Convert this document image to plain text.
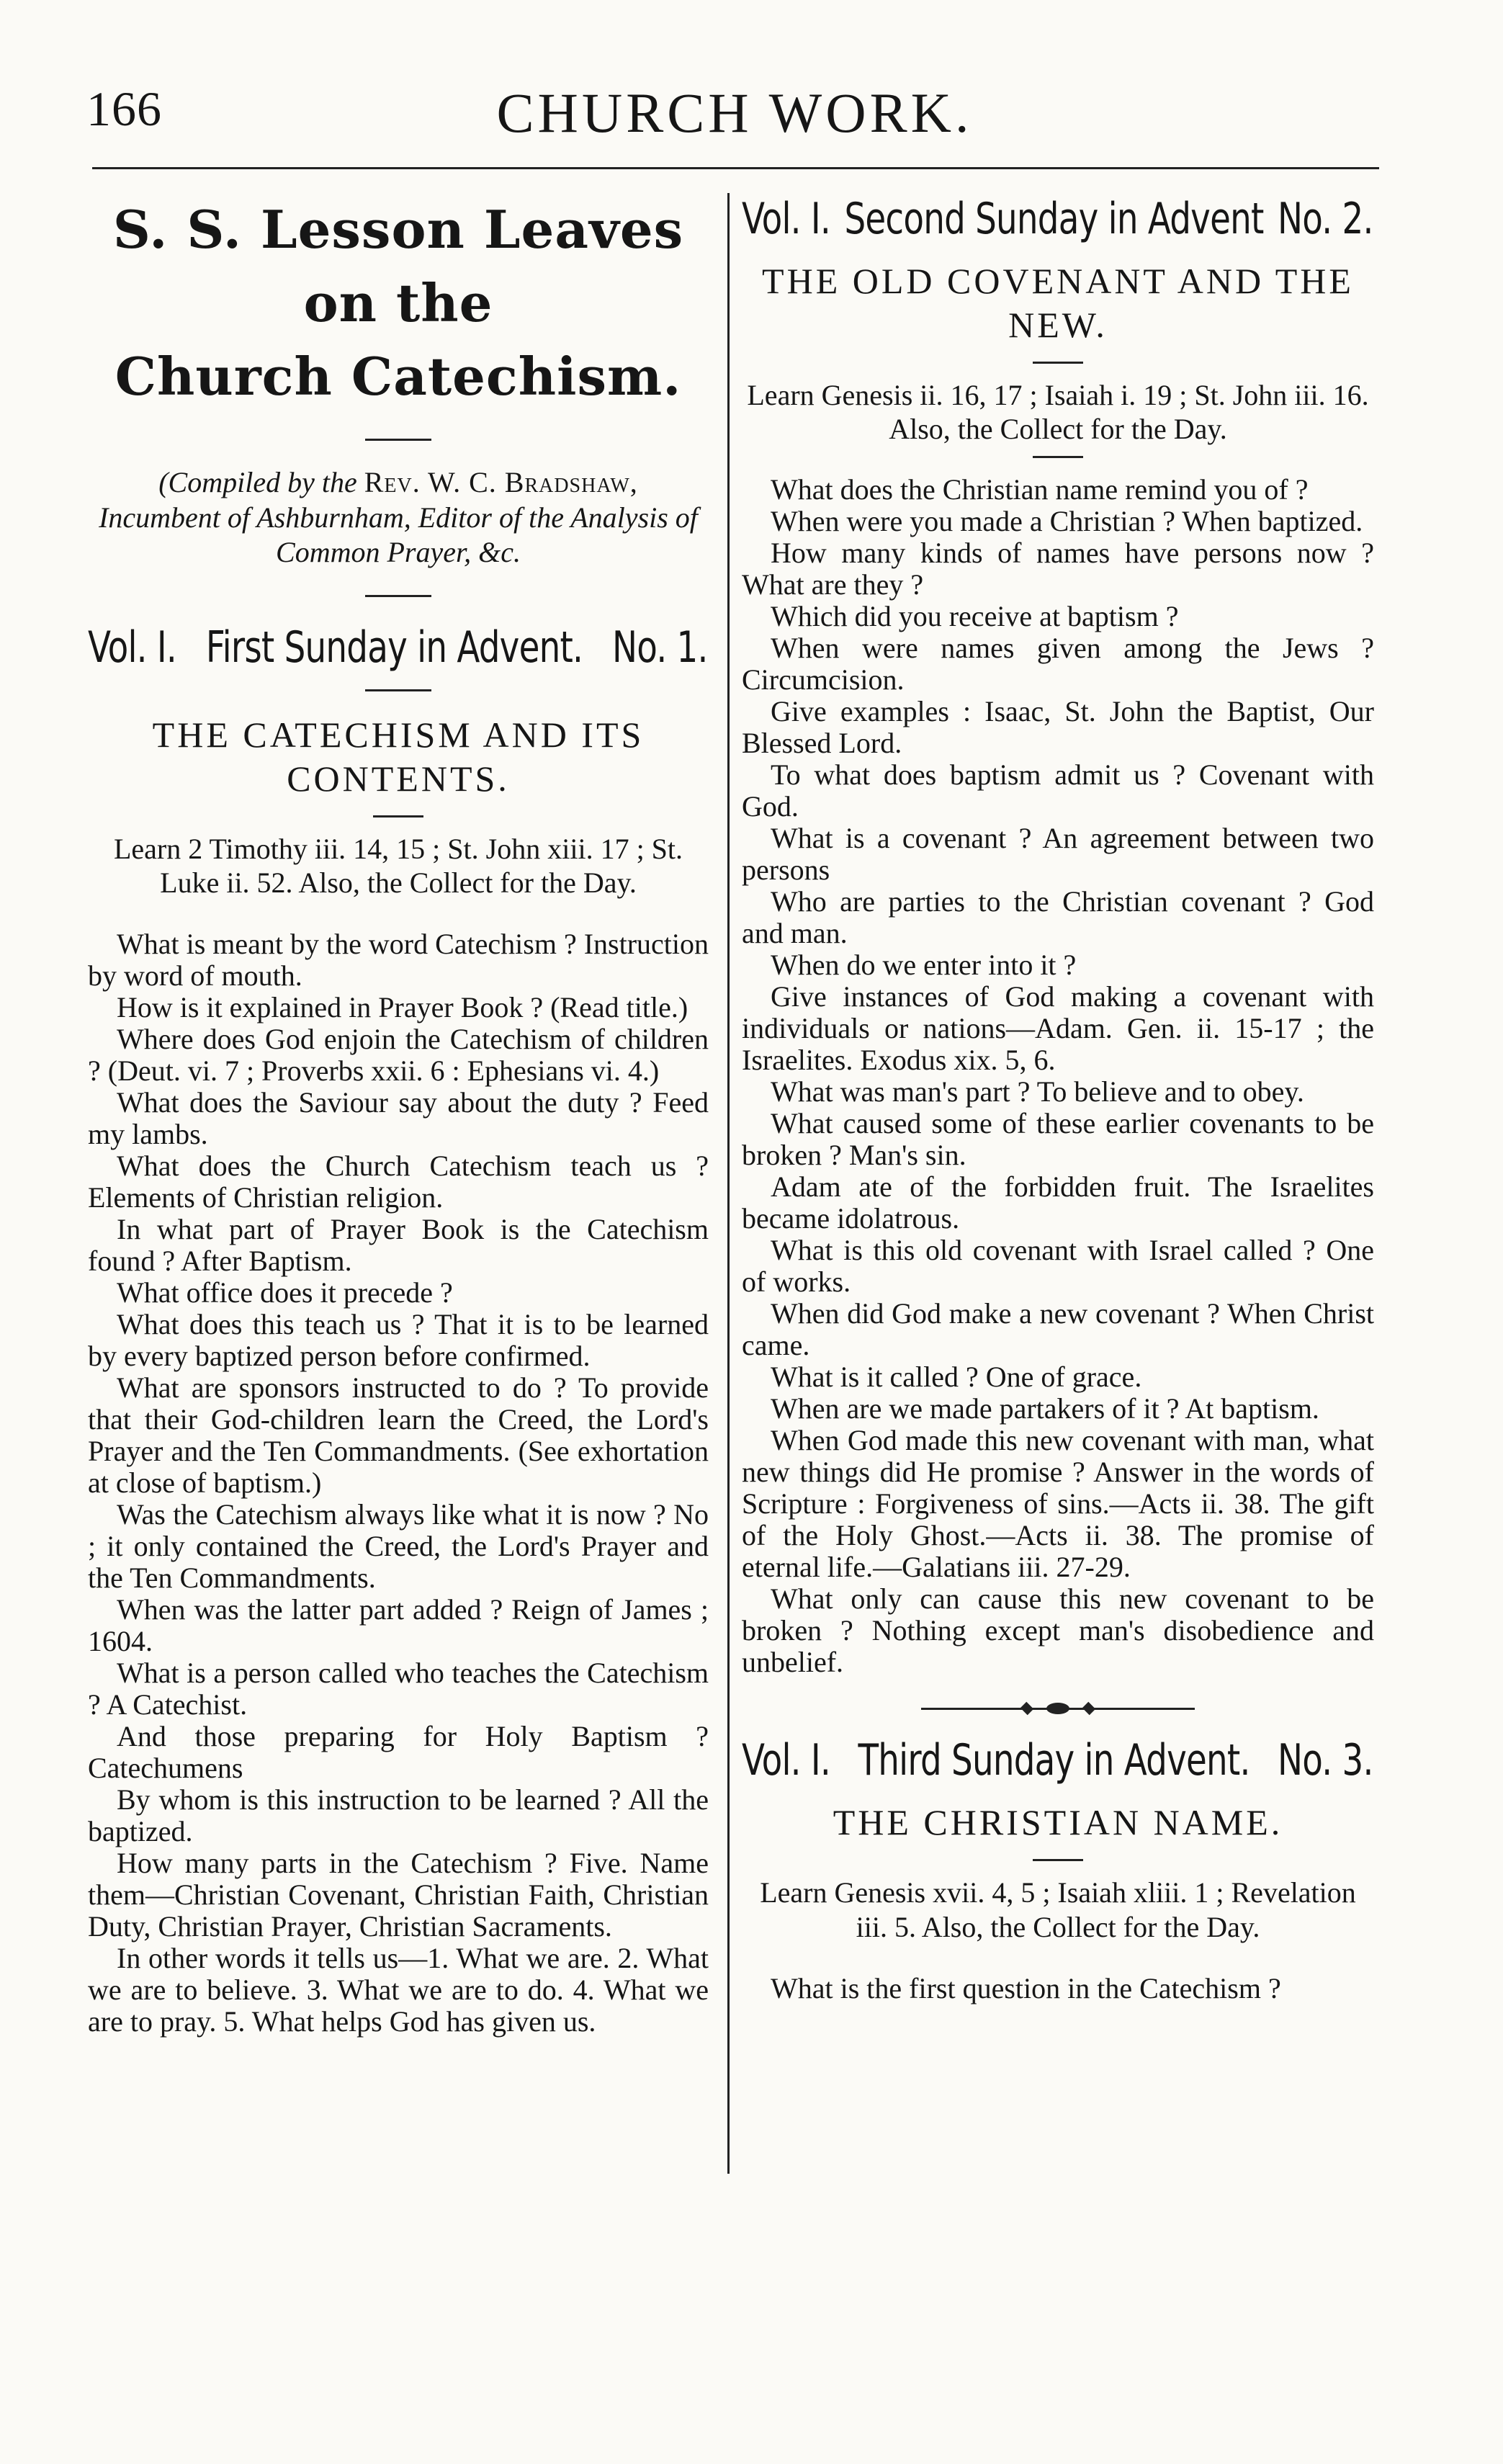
166	CHURCH WORK.
S. S. Lesson Leaves on the
Church Catechism.
(Compiled by the Rev. W. C. Bradshaw,
Incumbent of Ashburnham, Editor of the Analysis of Common Prayer, &c.
Vol. I. First Sunday in Advent. No. 1.
THE CATECHISM AND ITS CONTENTS.
Learn 2 Timothy iii. 14, 15 ; St. John xiii. 17 ; St. Luke ii. 52. Also, the Collect for the Day.

What is meant by the word Catechism ? Instruction by word of mouth.

How is it explained in Prayer Book ? (Read title.)

Where does God enjoin the Catechism of children ? (Deut. vi. 7 ; Proverbs xxii. 6 : Ephesians vi. 4.)

What does the Saviour say about the duty ? Feed my lambs.

What does the Church Catechism teach us ? Elements of Christian religion.

In what part of Prayer Book is the Catechism found ? After Baptism.

What office does it precede ?

What does this teach us ? That it is to be learned by every baptized person before confirmed.

What are sponsors instructed to do ? To provide that their God-children learn the Creed, the Lord's Prayer and the Ten Commandments. (See exhortation at close of baptism.)

Was the Catechism always like what it is now ? No ; it only contained the Creed, the Lord's Prayer and the Ten Commandments.

When was the latter part added ? Reign of James ; 1604.

What is a person called who teaches the Catechism ? A Catechist.

And those preparing for Holy Baptism ? Catechumens

By whom is this instruction to be learned ? All the baptized.

How many parts in the Catechism ? Five. Name them—Christian Covenant, Christian Faith, Christian Duty, Christian Prayer, Christian Sacraments.

In other words it tells us—1. What we are. 2. What we are to believe. 3. What we are to do. 4. What we are to pray. 5. What helps God has given us.

Vol. I. Second Sunday in Advent No. 2.
THE OLD COVENANT AND THE NEW.
Learn Genesis ii. 16, 17 ; Isaiah i. 19 ; St. John iii. 16. Also, the Collect for the Day.

What does the Christian name remind you of ?

When were you made a Christian ? When baptized.

How many kinds of names have persons now ? What are they ?

Which did you receive at baptism ?

When were names given among the Jews ? Circumcision.

Give examples : Isaac, St. John the Baptist, Our Blessed Lord.

To what does baptism admit us ? Covenant with God.

What is a covenant ? An agreement between two persons

Who are parties to the Christian covenant ? God and man.

When do we enter into it ?

Give instances of God making a covenant with individuals or nations—Adam. Gen. ii. 15-17 ; the Israelites. Exodus xix. 5, 6.

What was man's part ? To believe and to obey.

What caused some of these earlier covenants to be broken ? Man's sin.

Adam ate of the forbidden fruit. The Israelites became idolatrous.

What is this old covenant with Israel called ? One of works.

When did God make a new covenant ? When Christ came.

What is it called ? One of grace.

When are we made partakers of it ? At baptism.

When God made this new covenant with man, what new things did He promise ? Answer in the words of Scripture : Forgiveness of sins.—Acts ii. 38. The gift of the Holy Ghost.—Acts ii. 38. The promise of eternal life.—Galatians iii. 27-29.

What only can cause this new covenant to be broken ? Nothing except man's disobedience and unbelief.

Vol. I. Third Sunday in Advent. No. 3.
THE CHRISTIAN NAME.
Learn Genesis xvii. 4, 5 ; Isaiah xliii. 1 ; Revelation iii. 5. Also, the Collect for the Day.

What is the first question in the Catechism ?
